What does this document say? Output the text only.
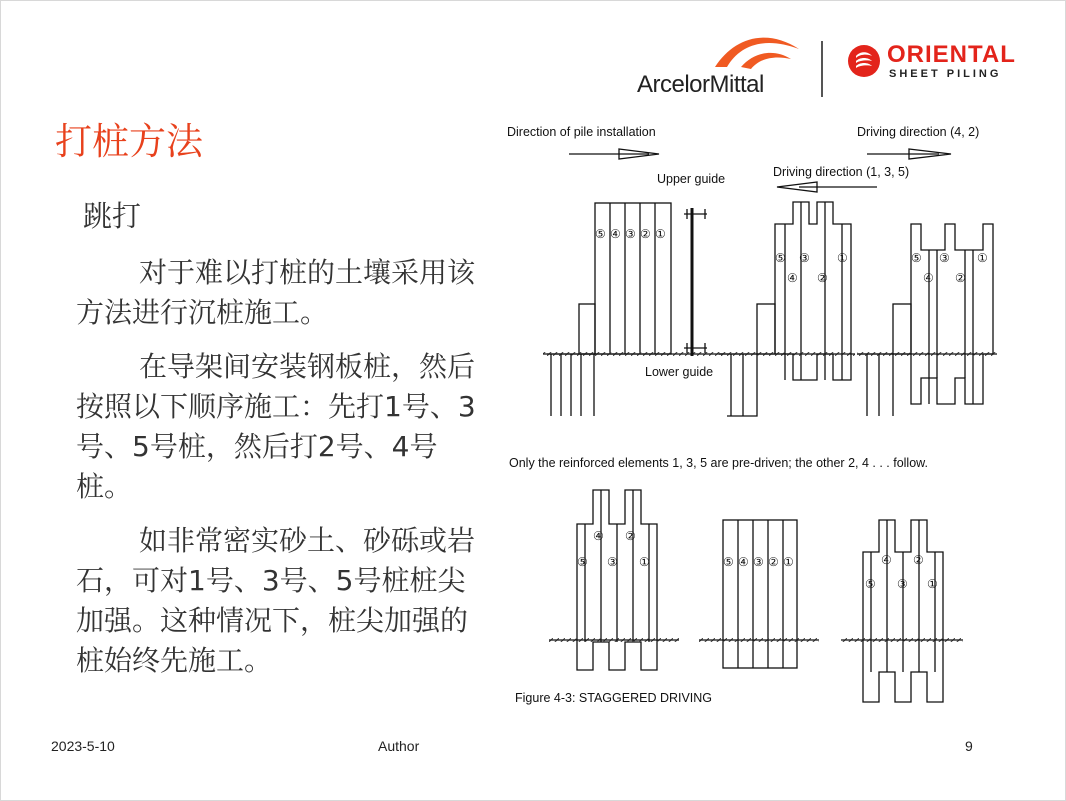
ArcelorMittal
ORIENTAL
SHEET PILING
打桩方法
跳打

对于难以打桩的土壤采用该方法进行沉桩施工。

在导架间安装钢板桩，然后按照以下顺序施工：先打1号、3号、5号桩，然后打2号、4号桩。

如非常密实砂土、砂砾或岩石，可对1号、3号、5号桩桩尖加强。这种情况下，桩尖加强的桩始终先施工。

Direction of pile installation	Driving direction (4, 2)
Upper guide	Driving direction (1, 3, 5)
Lower guide
⑤ ④ ③ ② ①
⑤ ③ ①
④ ②
⑤ ③ ①
④ ②
Only the reinforced elements 1, 3, 5 are pre-driven; the other 2, 4 . . . follow.
⑤ ③ ①
④ ②
⑤ ④ ③ ② ①
⑤ ③ ①
④ ②
Figure 4-3: STAGGERED DRIVING
2023-5-10	Author	9
